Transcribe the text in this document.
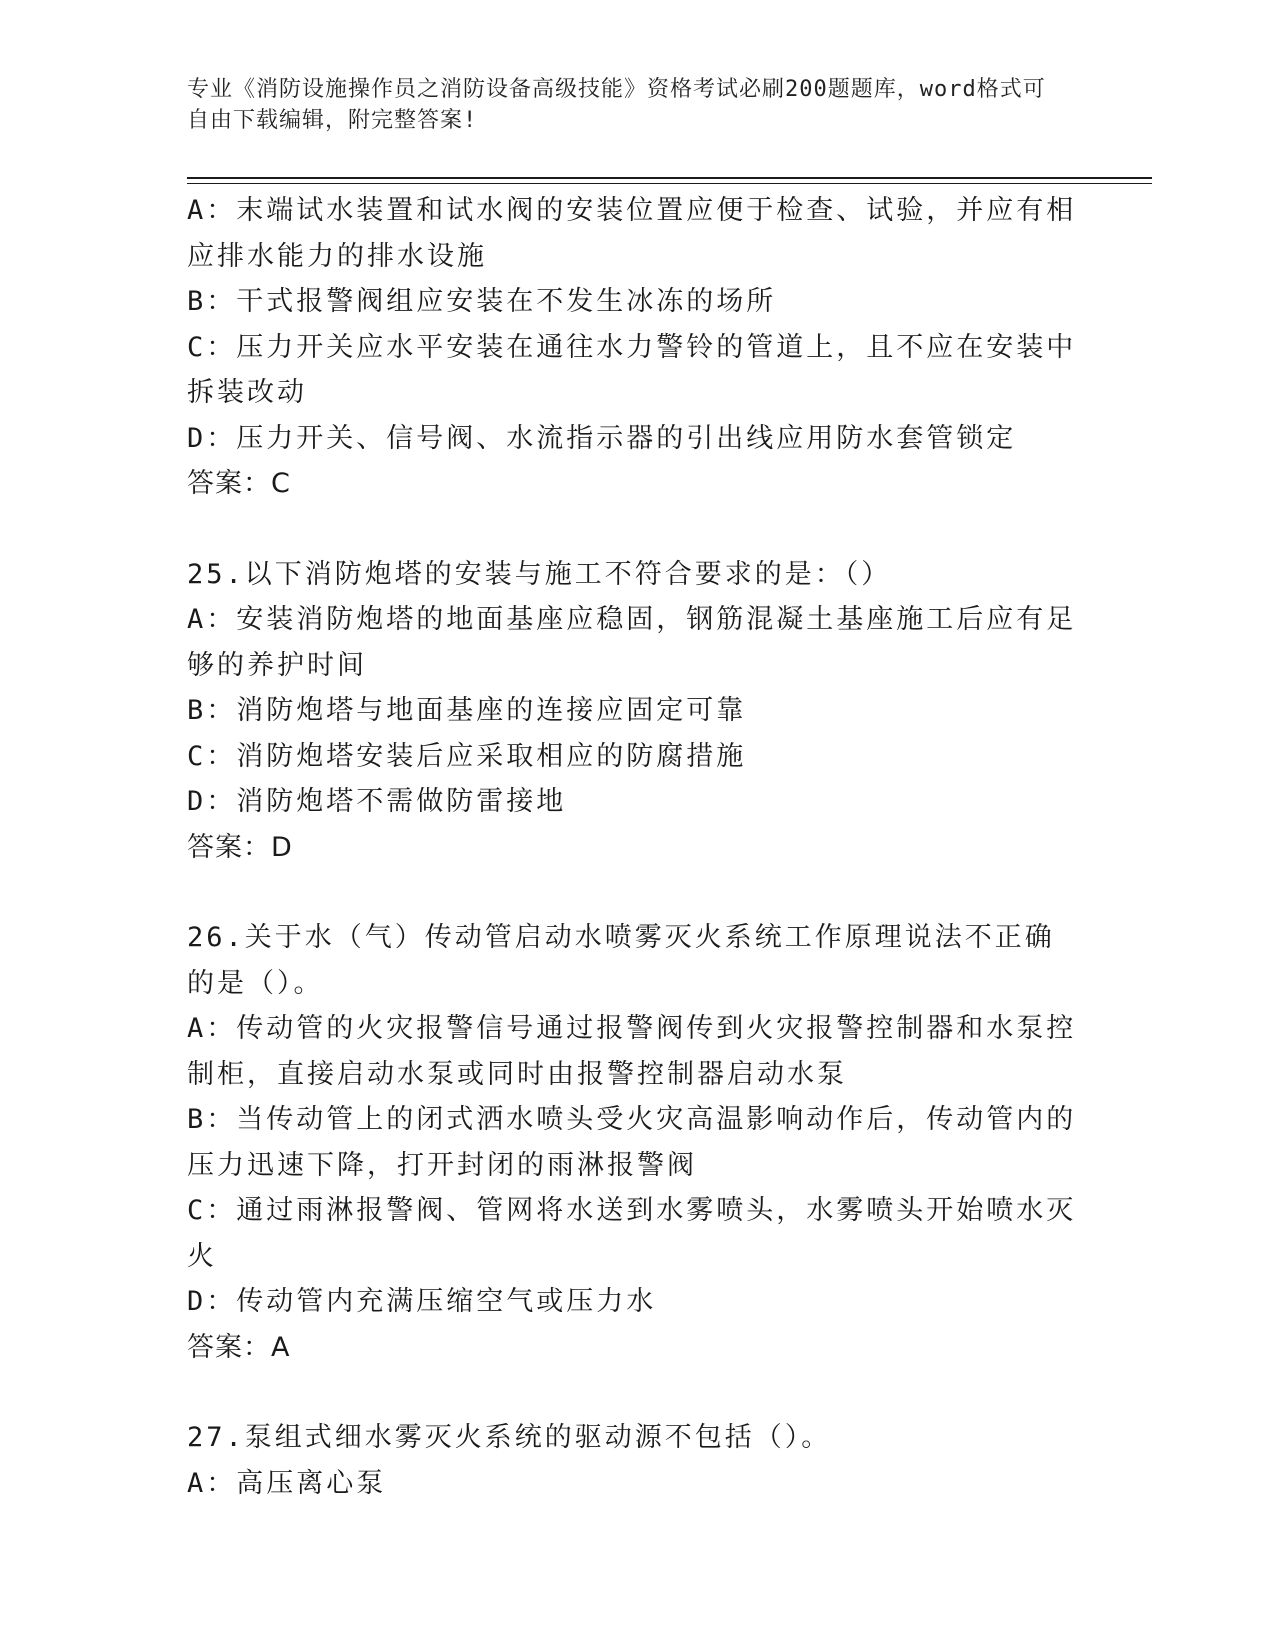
专业《消防设施操作员之消防设备高级技能》资格考试必刷200题题库，word格式可自由下载编辑，附完整答案!
A：末端试水装置和试水阀的安装位置应便于检查、试验，并应有相应排水能力的排水设施
B：干式报警阀组应安装在不发生冰冻的场所
C：压力开关应水平安装在通往水力警铃的管道上，且不应在安装中拆装改动
D：压力开关、信号阀、水流指示器的引出线应用防水套管锁定
答案：C
25.以下消防炮塔的安装与施工不符合要求的是：（）
A：安装消防炮塔的地面基座应稳固，钢筋混凝土基座施工后应有足够的养护时间
B：消防炮塔与地面基座的连接应固定可靠
C：消防炮塔安装后应采取相应的防腐措施
D：消防炮塔不需做防雷接地
答案：D
26.关于水（气）传动管启动水喷雾灭火系统工作原理说法不正确的是（）。
A：传动管的火灾报警信号通过报警阀传到火灾报警控制器和水泵控制柜，直接启动水泵或同时由报警控制器启动水泵
B：当传动管上的闭式洒水喷头受火灾高温影响动作后，传动管内的压力迅速下降，打开封闭的雨淋报警阀
C：通过雨淋报警阀、管网将水送到水雾喷头，水雾喷头开始喷水灭火
D：传动管内充满压缩空气或压力水
答案：A
27.泵组式细水雾灭火系统的驱动源不包括（）。
A：高压离心泵
